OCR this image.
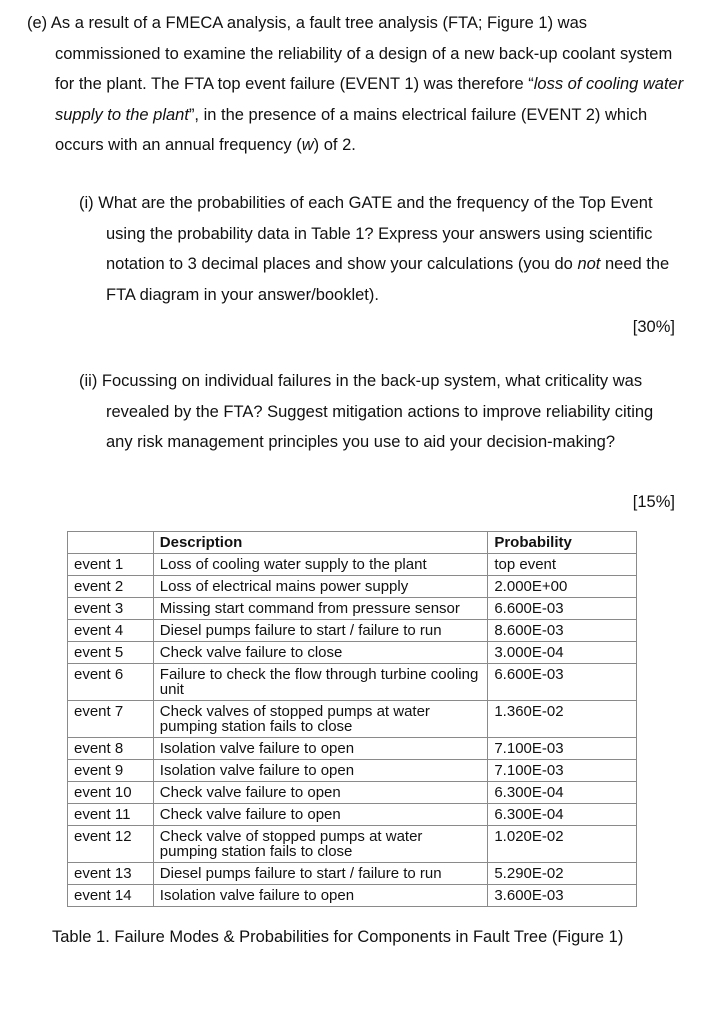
(e) As a result of a FMECA analysis, a fault tree analysis (FTA; Figure 1) was commissioned to examine the reliability of a design of a new back-up coolant system for the plant. The FTA top event failure (EVENT 1) was therefore “loss of cooling water supply to the plant”, in the presence of a mains electrical failure (EVENT 2) which occurs with an annual frequency (w) of 2.
(i) What are the probabilities of each GATE and the frequency of the Top Event using the probability data in Table 1? Express your answers using scientific notation to 3 decimal places and show your calculations (you do not need the FTA diagram in your answer/booklet).
[30%]
(ii) Focussing on individual failures in the back-up system, what criticality was revealed by the FTA? Suggest mitigation actions to improve reliability citing any risk management principles you use to aid your decision-making?
[15%]
	Description	Probability
event 1	Loss of cooling water supply to the plant	top event
event 2	Loss of electrical mains power supply	2.000E+00
event 3	Missing start command from pressure sensor	6.600E-03
event 4	Diesel pumps failure to start / failure to run	8.600E-03
event 5	Check valve failure to close	3.000E-04
event 6	Failure to check the flow through turbine cooling unit	6.600E-03
event 7	Check valves of stopped pumps at water pumping station fails to close	1.360E-02
event 8	Isolation valve failure to open	7.100E-03
event 9	Isolation valve failure to open	7.100E-03
event 10	Check valve failure to open	6.300E-04
event 11	Check valve failure to open	6.300E-04
event 12	Check valve of stopped pumps at water pumping station fails to close	1.020E-02
event 13	Diesel pumps failure to start / failure to run	5.290E-02
event 14	Isolation valve failure to open	3.600E-03
Table 1. Failure Modes & Probabilities for Components in Fault Tree (Figure 1)
